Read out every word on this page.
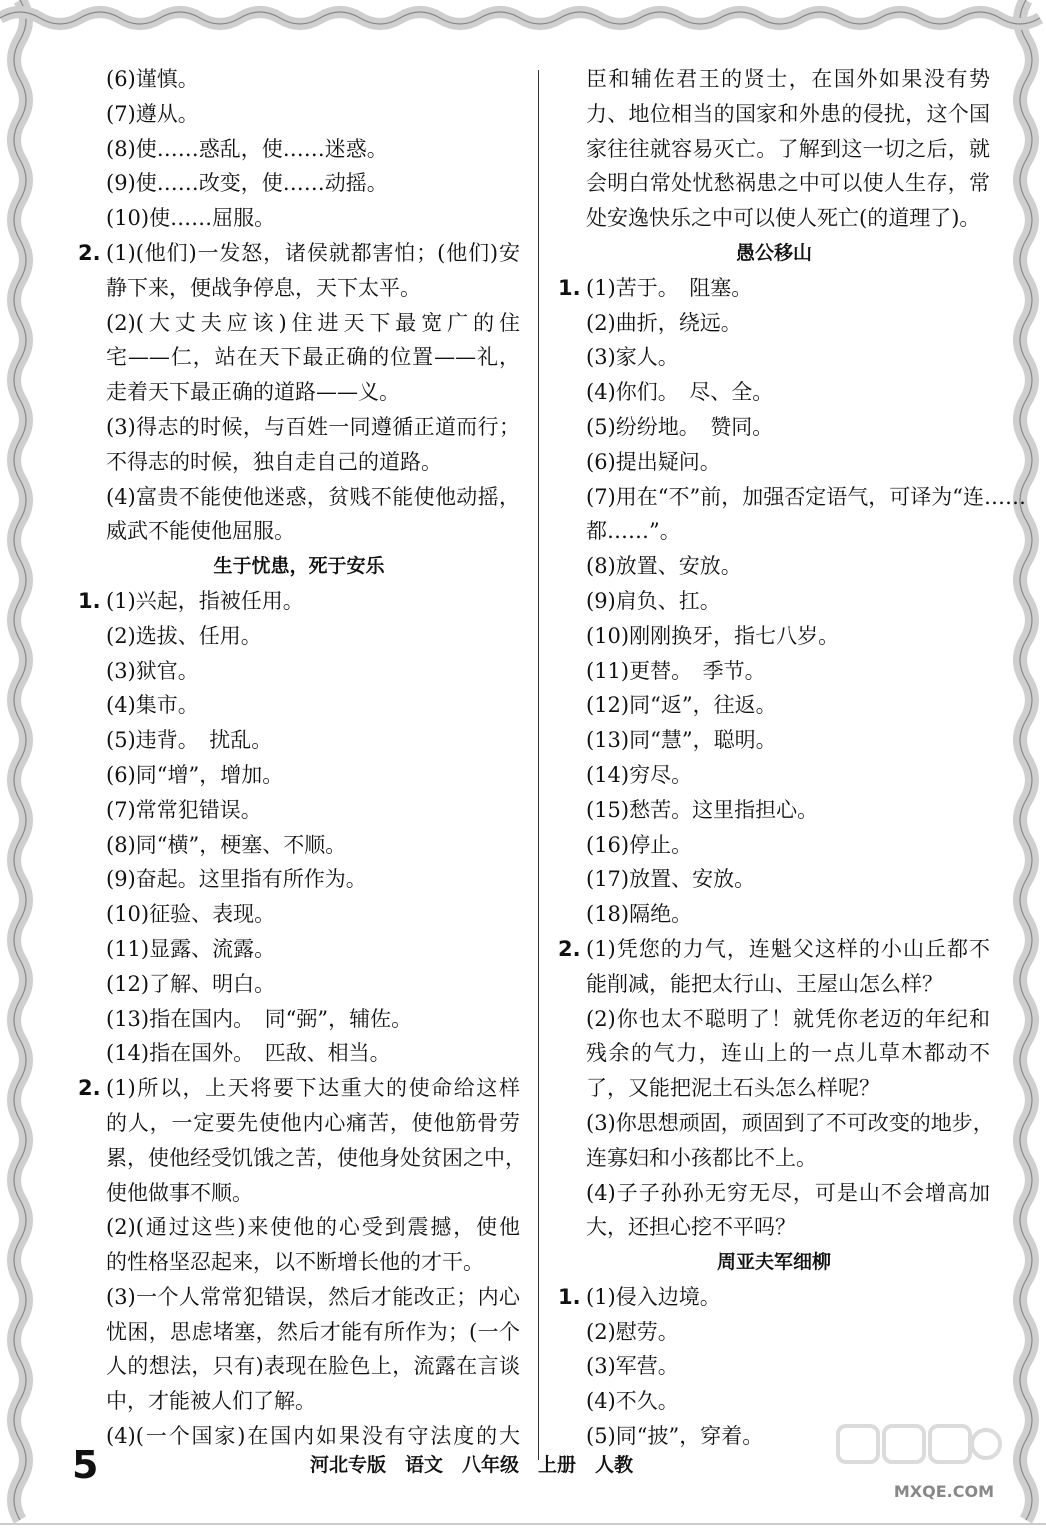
(6)谨慎。
(7)遵从。
(8)使……惑乱，使……迷惑。
(9)使……改变，使……动摇。
(10)使……屈服。
2. (1)(他们)一发怒，诸侯就都害怕；(他们)安
静下来，便战争停息，天下太平。
(2)(大丈夫应该)住进天下最宽广的住
宅——仁，站在天下最正确的位置——礼，
走着天下最正确的道路——义。
(3)得志的时候，与百姓一同遵循正道而行；
不得志的时候，独自走自己的道路。
(4)富贵不能使他迷惑，贫贱不能使他动摇，
威武不能使他屈服。
生于忧患，死于安乐
1. (1)兴起，指被任用。
(2)选拔、任用。
(3)狱官。
(4)集市。
(5)违背。　扰乱。
(6)同“增”，增加。
(7)常常犯错误。
(8)同“横”，梗塞、不顺。
(9)奋起。这里指有所作为。
(10)征验、表现。
(11)显露、流露。
(12)了解、明白。
(13)指在国内。　同“弼”，辅佐。
(14)指在国外。　匹敌、相当。
2. (1)所以，上天将要下达重大的使命给这样
的人，一定要先使他内心痛苦，使他筋骨劳
累，使他经受饥饿之苦，使他身处贫困之中，
使他做事不顺。
(2)(通过这些)来使他的心受到震撼，使他
的性格坚忍起来，以不断增长他的才干。
(3)一个人常常犯错误，然后才能改正；内心
忧困，思虑堵塞，然后才能有所作为；(一个
人的想法，只有)表现在脸色上，流露在言谈
中，才能被人们了解。
(4)(一个国家)在国内如果没有守法度的大
臣和辅佐君王的贤士，在国外如果没有势
力、地位相当的国家和外患的侵扰，这个国
家往往就容易灭亡。了解到这一切之后，就
会明白常处忧愁祸患之中可以使人生存，常
处安逸快乐之中可以使人死亡(的道理了)。
愚公移山
1. (1)苦于。　阻塞。
(2)曲折，绕远。
(3)家人。
(4)你们。　尽、全。
(5)纷纷地。　赞同。
(6)提出疑问。
(7)用在“不”前，加强否定语气，可译为“连……
都……”。
(8)放置、安放。
(9)肩负、扛。
(10)刚刚换牙，指七八岁。
(11)更替。　季节。
(12)同“返”，往返。
(13)同“慧”，聪明。
(14)穷尽。
(15)愁苦。这里指担心。
(16)停止。
(17)放置、安放。
(18)隔绝。
2. (1)凭您的力气，连魁父这样的小山丘都不
能削减，能把太行山、王屋山怎么样？
(2)你也太不聪明了！就凭你老迈的年纪和
残余的气力，连山上的一点儿草木都动不
了，又能把泥土石头怎么样呢？
(3)你思想顽固，顽固到了不可改变的地步，
连寡妇和小孩都比不上。
(4)子子孙孙无穷无尽，可是山不会增高加
大，还担心挖不平吗？
周亚夫军细柳
1. (1)侵入边境。
(2)慰劳。
(3)军营。
(4)不久。
(5)同“披”，穿着。
5	河北专版　语文　八年级　上册　人教
MXQE.COM
